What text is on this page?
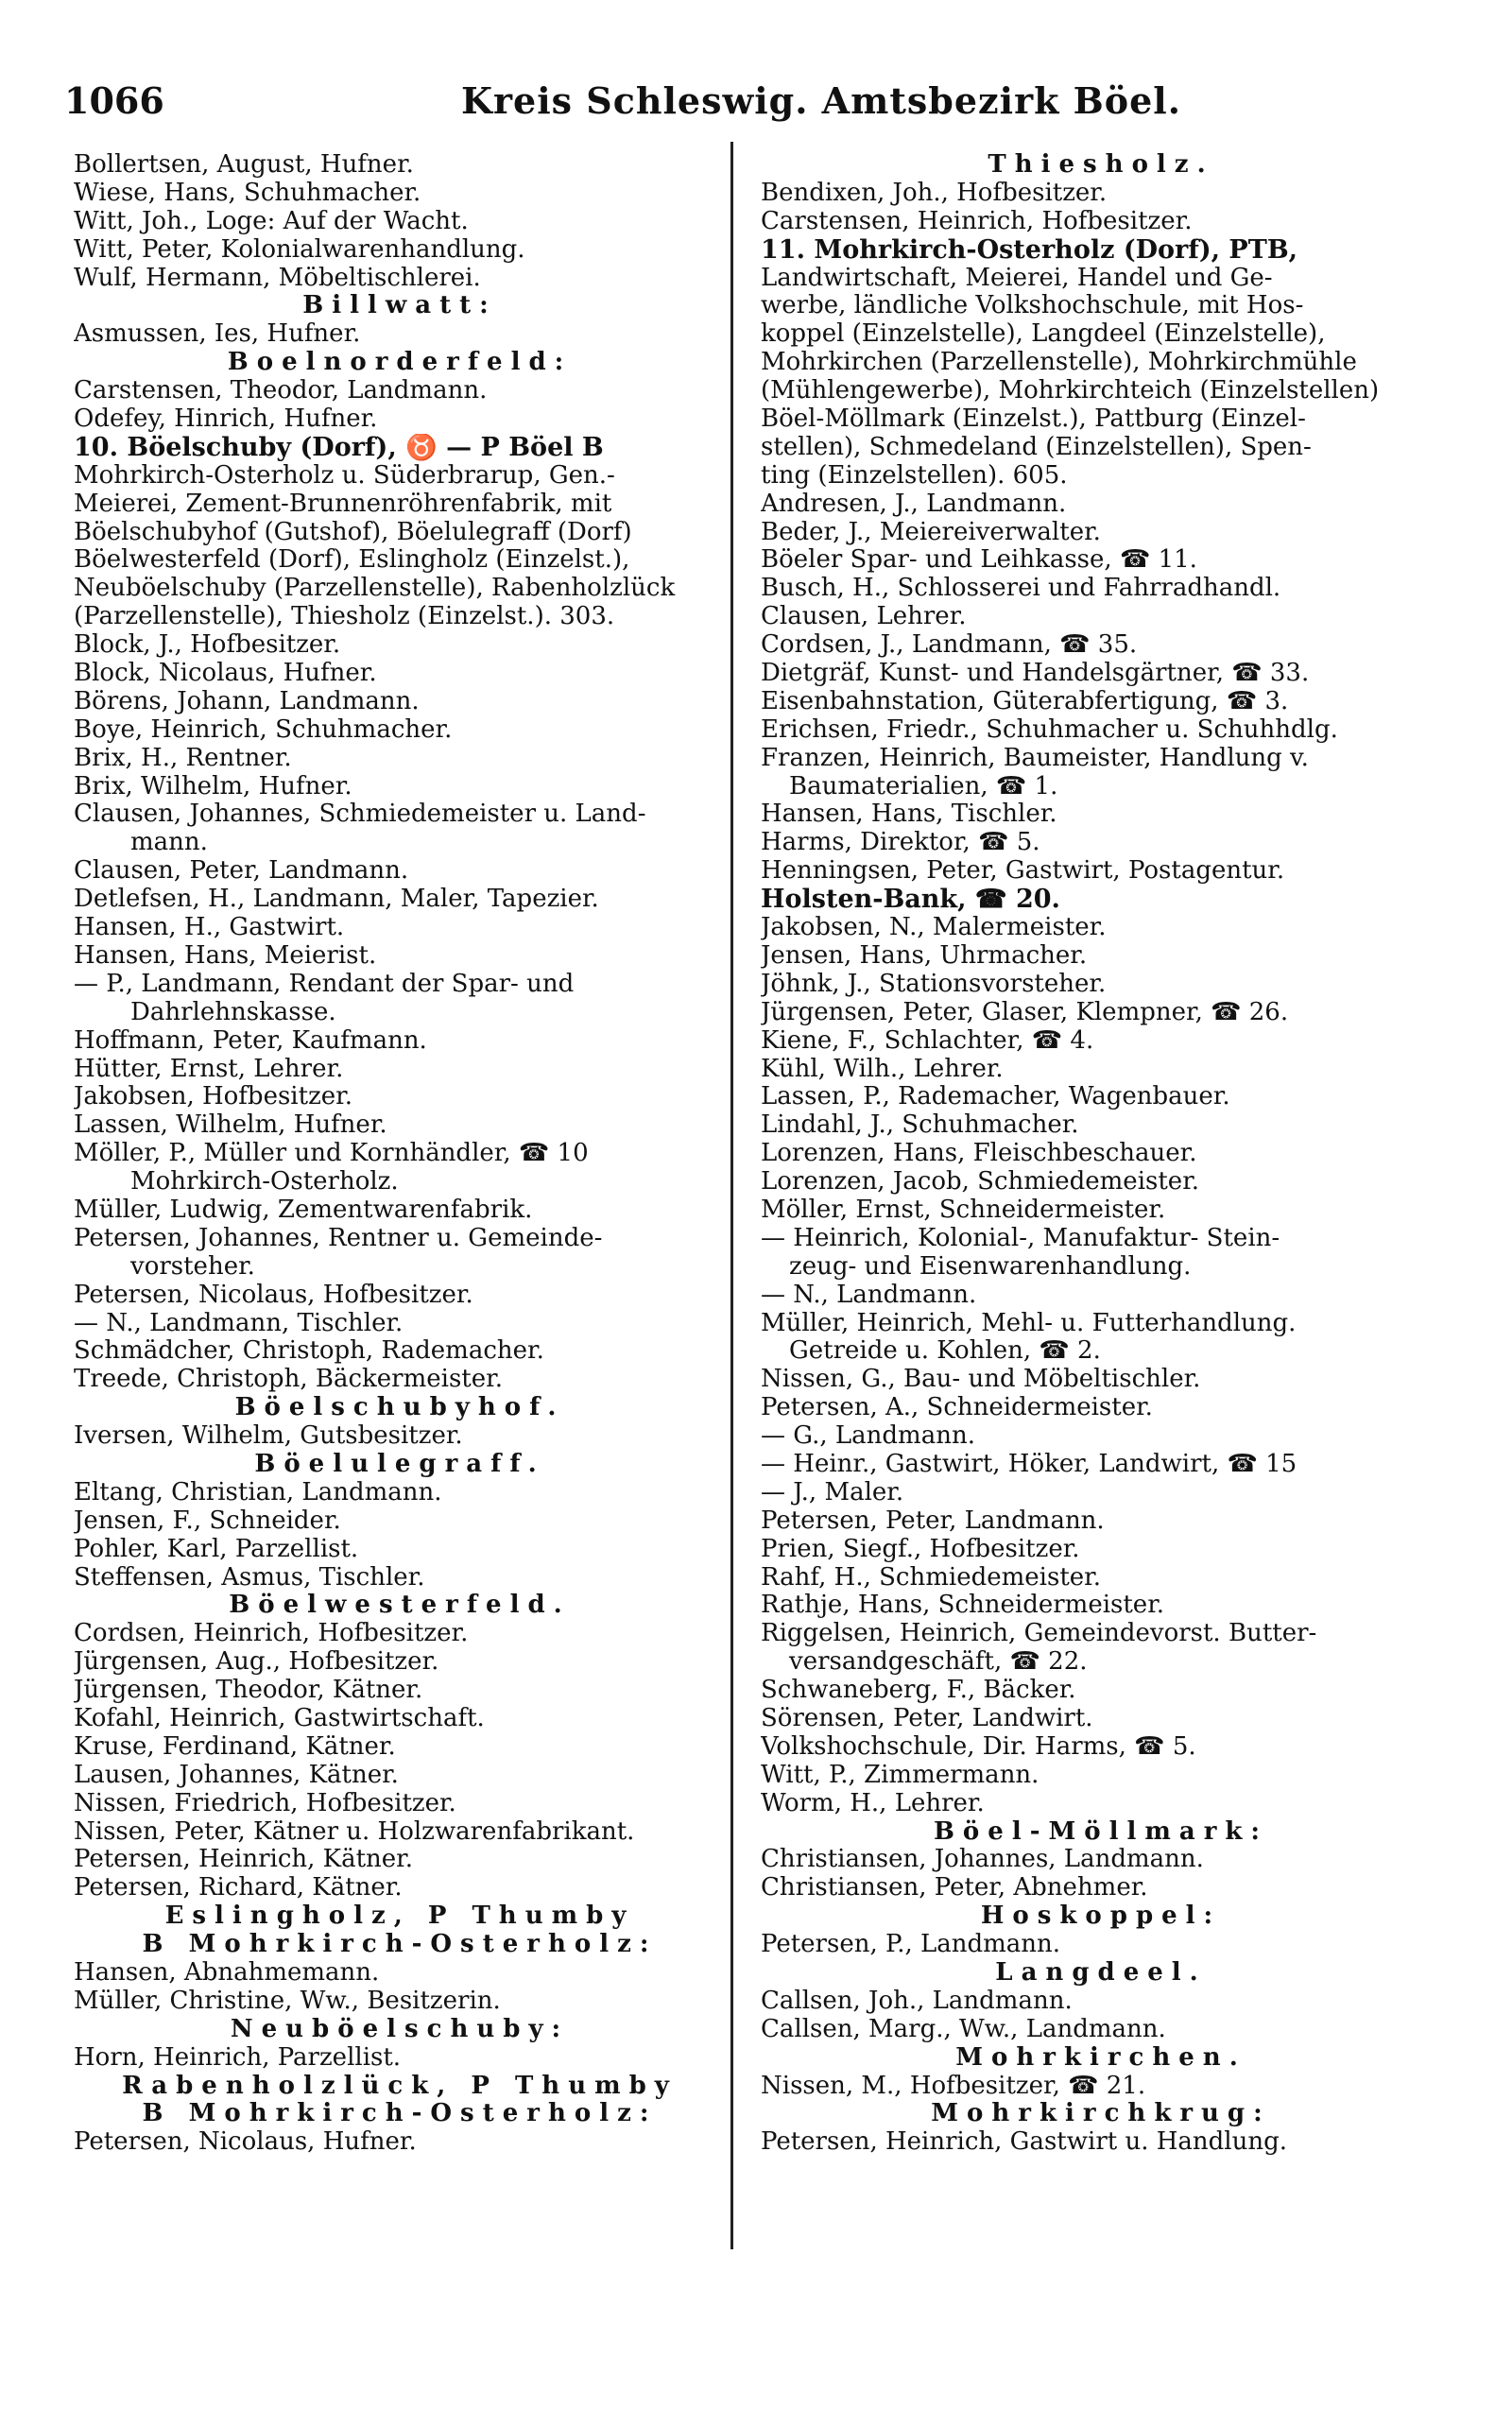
1066	Kreis Schleswig. Amtsbezirk Böel.
Bollertsen, August, Hufner.
Wiese, Hans, Schuhmacher.
Witt, Joh., Loge: Auf der Wacht.
Witt, Peter, Kolonialwarenhandlung.
Wulf, Hermann, Möbeltischlerei.
Billwatt:
Asmussen, Ies, Hufner.
Boelnorderfeld:
Carstensen, Theodor, Landmann.
Odefey, Hinrich, Hufner.
10. Böelschuby (Dorf), ♉ — P Böel B
Mohrkirch-Osterholz u. Süderbrarup, Gen.-
Meierei, Zement-Brunnenröhrenfabrik, mit
Böelschubyhof (Gutshof), Böelulegraff (Dorf)
Böelwesterfeld (Dorf), Eslingholz (Einzelst.),
Neuböelschuby (Parzellenstelle), Rabenholzlück
(Parzellenstelle), Thiesholz (Einzelst.). 303.
Block, J., Hofbesitzer.
Block, Nicolaus, Hufner.
Börens, Johann, Landmann.
Boye, Heinrich, Schuhmacher.
Brix, H., Rentner.
Brix, Wilhelm, Hufner.
Clausen, Johannes, Schmiedemeister u. Land-
mann.
Clausen, Peter, Landmann.
Detlefsen, H., Landmann, Maler, Tapezier.
Hansen, H., Gastwirt.
Hansen, Hans, Meierist.
— P., Landmann, Rendant der Spar- und
Dahrlehnskasse.
Hoffmann, Peter, Kaufmann.
Hütter, Ernst, Lehrer.
Jakobsen, Hofbesitzer.
Lassen, Wilhelm, Hufner.
Möller, P., Müller und Kornhändler, ☎ 10
Mohrkirch-Osterholz.
Müller, Ludwig, Zementwarenfabrik.
Petersen, Johannes, Rentner u. Gemeinde-
vorsteher.
Petersen, Nicolaus, Hofbesitzer.
— N., Landmann, Tischler.
Schmädcher, Christoph, Rademacher.
Treede, Christoph, Bäckermeister.
Böelschubyhof.
Iversen, Wilhelm, Gutsbesitzer.
Böelulegraff.
Eltang, Christian, Landmann.
Jensen, F., Schneider.
Pohler, Karl, Parzellist.
Steffensen, Asmus, Tischler.
Böelwesterfeld.
Cordsen, Heinrich, Hofbesitzer.
Jürgensen, Aug., Hofbesitzer.
Jürgensen, Theodor, Kätner.
Kofahl, Heinrich, Gastwirtschaft.
Kruse, Ferdinand, Kätner.
Lausen, Johannes, Kätner.
Nissen, Friedrich, Hofbesitzer.
Nissen, Peter, Kätner u. Holzwarenfabrikant.
Petersen, Heinrich, Kätner.
Petersen, Richard, Kätner.
Eslingholz, P Thumby
B Mohrkirch-Osterholz:
Hansen, Abnahmemann.
Müller, Christine, Ww., Besitzerin.
Neuböelschuby:
Horn, Heinrich, Parzellist.
Rabenholzlück, P Thumby
B Mohrkirch-Osterholz:
Petersen, Nicolaus, Hufner.
Thiesholz.
Bendixen, Joh., Hofbesitzer.
Carstensen, Heinrich, Hofbesitzer.
11. Mohrkirch-Osterholz (Dorf), PTB,
Landwirtschaft, Meierei, Handel und Ge-
werbe, ländliche Volkshochschule, mit Hos-
koppel (Einzelstelle), Langdeel (Einzelstelle),
Mohrkirchen (Parzellenstelle), Mohrkirchmühle
(Mühlengewerbe), Mohrkirchteich (Einzelstellen)
Böel-Möllmark (Einzelst.), Pattburg (Einzel-
stellen), Schmedeland (Einzelstellen), Spen-
ting (Einzelstellen). 605.
Andresen, J., Landmann.
Beder, J., Meiereiverwalter.
Böeler Spar- und Leihkasse, ☎ 11.
Busch, H., Schlosserei und Fahrradhandl.
Clausen, Lehrer.
Cordsen, J., Landmann, ☎ 35.
Dietgräf, Kunst- und Handelsgärtner, ☎ 33.
Eisenbahnstation, Güterabfertigung, ☎ 3.
Erichsen, Friedr., Schuhmacher u. Schuhhdlg.
Franzen, Heinrich, Baumeister, Handlung v.
Baumaterialien, ☎ 1.
Hansen, Hans, Tischler.
Harms, Direktor, ☎ 5.
Henningsen, Peter, Gastwirt, Postagentur.
Holsten-Bank, ☎ 20.
Jakobsen, N., Malermeister.
Jensen, Hans, Uhrmacher.
Jöhnk, J., Stationsvorsteher.
Jürgensen, Peter, Glaser, Klempner, ☎ 26.
Kiene, F., Schlachter, ☎ 4.
Kühl, Wilh., Lehrer.
Lassen, P., Rademacher, Wagenbauer.
Lindahl, J., Schuhmacher.
Lorenzen, Hans, Fleischbeschauer.
Lorenzen, Jacob, Schmiedemeister.
Möller, Ernst, Schneidermeister.
— Heinrich, Kolonial-, Manufaktur- Stein-
zeug- und Eisenwarenhandlung.
— N., Landmann.
Müller, Heinrich, Mehl- u. Futterhandlung.
Getreide u. Kohlen, ☎ 2.
Nissen, G., Bau- und Möbeltischler.
Petersen, A., Schneidermeister.
— G., Landmann.
— Heinr., Gastwirt, Höker, Landwirt, ☎ 15
— J., Maler.
Petersen, Peter, Landmann.
Prien, Siegf., Hofbesitzer.
Rahf, H., Schmiedemeister.
Rathje, Hans, Schneidermeister.
Riggelsen, Heinrich, Gemeindevorst. Butter-
versandgeschäft, ☎ 22.
Schwaneberg, F., Bäcker.
Sörensen, Peter, Landwirt.
Volkshochschule, Dir. Harms, ☎ 5.
Witt, P., Zimmermann.
Worm, H., Lehrer.
Böel-Möllmark:
Christiansen, Johannes, Landmann.
Christiansen, Peter, Abnehmer.
Hoskoppel:
Petersen, P., Landmann.
Langdeel.
Callsen, Joh., Landmann.
Callsen, Marg., Ww., Landmann.
Mohrkirchen.
Nissen, M., Hofbesitzer, ☎ 21.
Mohrkirchkrug:
Petersen, Heinrich, Gastwirt u. Handlung.
